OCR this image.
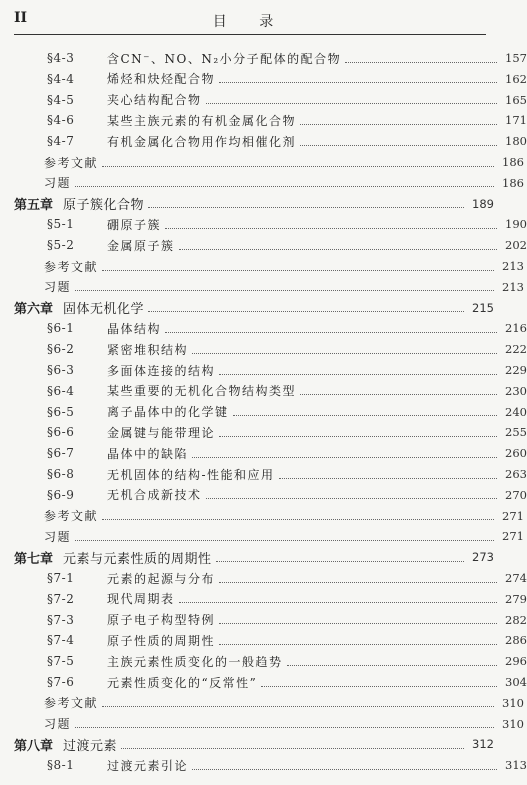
II	目 录
§4-3	含CN⁻、NO、N₂小分子配体的配合物	157
§4-4	烯烃和炔烃配合物	162
§4-5	夹心结构配合物	165
§4-6	某些主族元素的有机金属化合物	171
§4-7	有机金属化合物用作均相催化剂	180
参考文献	186
习题	186
第五章 原子簇化合物	189
§5-1	硼原子簇	190
§5-2	金属原子簇	202
参考文献	213
习题	213
第六章 固体无机化学	215
§6-1	晶体结构	216
§6-2	紧密堆积结构	222
§6-3	多面体连接的结构	229
§6-4	某些重要的无机化合物结构类型	230
§6-5	离子晶体中的化学键	240
§6-6	金属键与能带理论	255
§6-7	晶体中的缺陷	260
§6-8	无机固体的结构-性能和应用	263
§6-9	无机合成新技术	270
参考文献	271
习题	271
第七章 元素与元素性质的周期性	273
§7-1	元素的起源与分布	274
§7-2	现代周期表	279
§7-3	原子电子构型特例	282
§7-4	原子性质的周期性	286
§7-5	主族元素性质变化的一般趋势	296
§7-6	元素性质变化的“反常性”	304
参考文献	310
习题	310
第八章 过渡元素	312
§8-1	过渡元素引论	313
